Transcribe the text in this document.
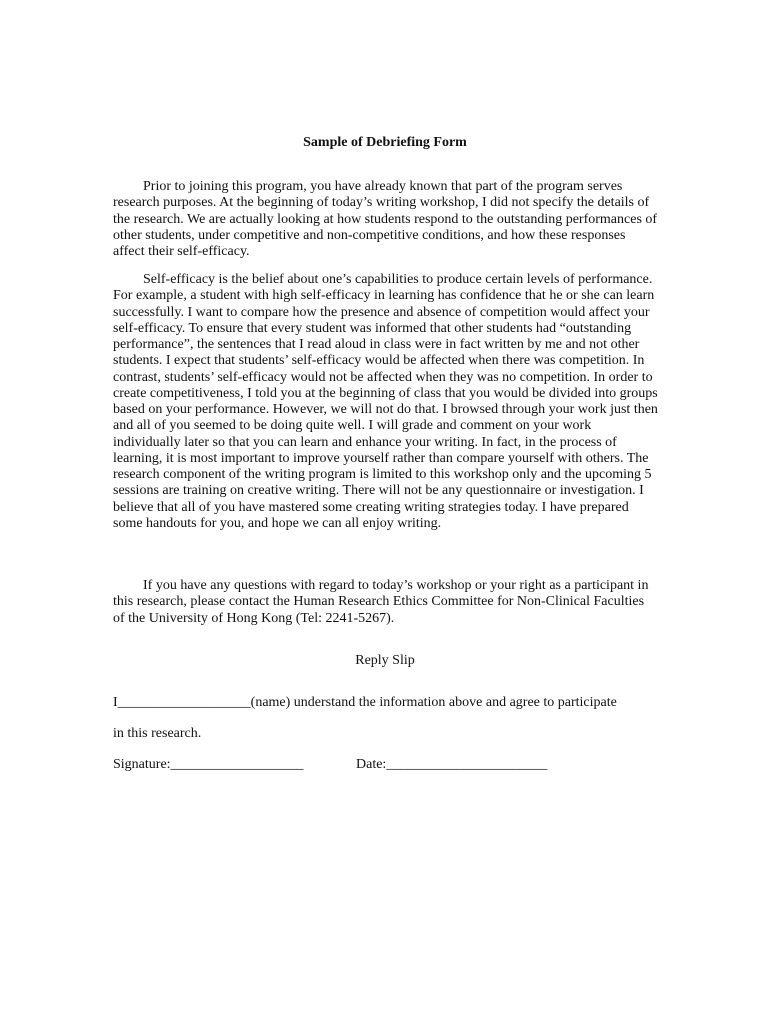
Sample of Debriefing Form

Prior to joining this program, you have already known that part of the program serves research purposes. At the beginning of today’s writing workshop, I did not specify the details of the research. We are actually looking at how students respond to the outstanding performances of other students, under competitive and non-competitive conditions, and how these responses affect their self-efficacy.

Self-efficacy is the belief about one’s capabilities to produce certain levels of performance. For example, a student with high self-efficacy in learning has confidence that he or she can learn successfully. I want to compare how the presence and absence of competition would affect your self-efficacy. To ensure that every student was informed that other students had “outstanding performance”, the sentences that I read aloud in class were in fact written by me and not other students. I expect that students’ self-efficacy would be affected when there was competition. In contrast, students’ self-efficacy would not be affected when they was no competition. In order to create competitiveness, I told you at the beginning of class that you would be divided into groups based on your performance. However, we will not do that. I browsed through your work just then and all of you seemed to be doing quite well. I will grade and comment on your work individually later so that you can learn and enhance your writing. In fact, in the process of learning, it is most important to improve yourself rather than compare yourself with others. The research component of the writing program is limited to this workshop only and the upcoming 5 sessions are training on creative writing. There will not be any questionnaire or investigation. I believe that all of you have mastered some creating writing strategies today. I have prepared some handouts for you, and hope we can all enjoy writing.

If you have any questions with regard to today’s workshop or your right as a participant in this research, please contact the Human Research Ethics Committee for Non-Clinical Faculties of the University of Hong Kong (Tel: 2241-5267).

Reply Slip
I___________________(name) understand the information above and agree to participate
in this research.
Signature:___________________	Date:_______________________
